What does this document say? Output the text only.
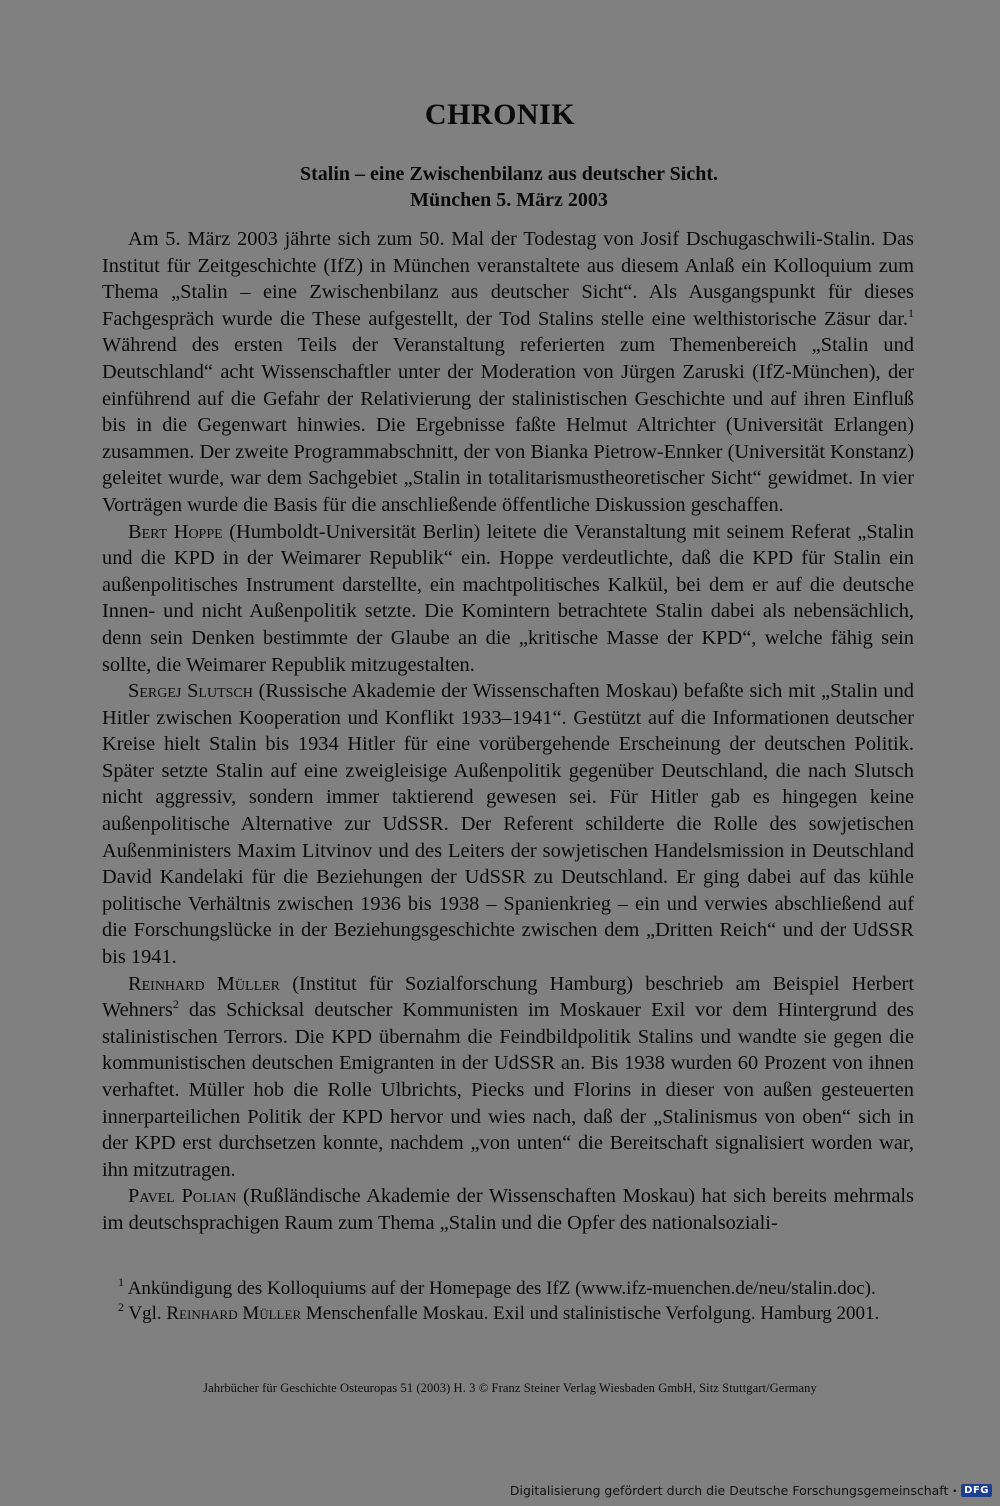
CHRONIK
Stalin – eine Zwischenbilanz aus deutscher Sicht.
München 5. März 2003

Am 5. März 2003 jährte sich zum 50. Mal der Todestag von Josif Dschugaschwili-Stalin. Das Institut für Zeitgeschichte (IfZ) in München veranstaltete aus diesem Anlaß ein Kolloquium zum Thema „Stalin – eine Zwischenbilanz aus deutscher Sicht“. Als Ausgangspunkt für dieses Fachgespräch wurde die These aufgestellt, der Tod Stalins stelle eine welthistorische Zäsur dar.$^1$ Während des ersten Teils der Veranstaltung referierten zum Themenbereich „Stalin und Deutschland“ acht Wissenschaftler unter der Moderation von Jürgen Zaruski (IfZ-München), der einführend auf die Gefahr der Relativierung der stalinistischen Geschichte und auf ihren Einfluß bis in die Gegenwart hinwies. Die Ergebnisse faßte Helmut Altrichter (Universität Erlangen) zusammen. Der zweite Programmabschnitt, der von Bianka Pietrow-Ennker (Universität Konstanz) geleitet wurde, war dem Sachgebiet „Stalin in totalitarismustheoretischer Sicht“ gewidmet. In vier Vorträgen wurde die Basis für die anschließende öffentliche Diskussion geschaffen.

Bert Hoppe (Humboldt-Universität Berlin) leitete die Veranstaltung mit seinem Referat „Stalin und die KPD in der Weimarer Republik“ ein. Hoppe verdeutlichte, daß die KPD für Stalin ein außenpolitisches Instrument darstellte, ein machtpolitisches Kalkül, bei dem er auf die deutsche Innen- und nicht Außenpolitik setzte. Die Komintern betrachtete Stalin dabei als nebensächlich, denn sein Denken bestimmte der Glaube an die „kritische Masse der KPD“, welche fähig sein sollte, die Weimarer Republik mitzugestalten.

Sergej Slutsch (Russische Akademie der Wissenschaften Moskau) befaßte sich mit „Stalin und Hitler zwischen Kooperation und Konflikt 1933–1941“. Gestützt auf die Informationen deutscher Kreise hielt Stalin bis 1934 Hitler für eine vorübergehende Erscheinung der deutschen Politik. Später setzte Stalin auf eine zweigleisige Außenpolitik gegenüber Deutschland, die nach Slutsch nicht aggressiv, sondern immer taktierend gewesen sei. Für Hitler gab es hingegen keine außenpolitische Alternative zur UdSSR. Der Referent schilderte die Rolle des sowjetischen Außenministers Maxim Litvinov und des Leiters der sowjetischen Handelsmission in Deutschland David Kandelaki für die Beziehungen der UdSSR zu Deutschland. Er ging dabei auf das kühle politische Verhältnis zwischen 1936 bis 1938 – Spanienkrieg – ein und verwies abschließend auf die Forschungslücke in der Beziehungsgeschichte zwischen dem „Dritten Reich“ und der UdSSR bis 1941.

Reinhard Müller (Institut für Sozialforschung Hamburg) beschrieb am Beispiel Herbert Wehners$^2$ das Schicksal deutscher Kommunisten im Moskauer Exil vor dem Hintergrund des stalinistischen Terrors. Die KPD übernahm die Feindbildpolitik Stalins und wandte sie gegen die kommunistischen deutschen Emigranten in der UdSSR an. Bis 1938 wurden 60 Prozent von ihnen verhaftet. Müller hob die Rolle Ulbrichts, Piecks und Florins in dieser von außen gesteuerten innerparteilichen Politik der KPD hervor und wies nach, daß der „Stalinismus von oben“ sich in der KPD erst durchsetzen konnte, nachdem „von unten“ die Bereitschaft signalisiert worden war, ihn mitzutragen.

Pavel Polian (Rußländische Akademie der Wissenschaften Moskau) hat sich bereits mehrmals im deutschsprachigen Raum zum Thema „Stalin und die Opfer des nationalsoziali-

$^1$ Ankündigung des Kolloquiums auf der Homepage des IfZ (www.ifz-muenchen.de/neu/stalin.doc).

$^2$ Vgl. Reinhard Müller Menschenfalle Moskau. Exil und stalinistische Verfolgung. Hamburg 2001.

Jahrbücher für Geschichte Osteuropas 51 (2003) H. 3 © Franz Steiner Verlag Wiesbaden GmbH, Sitz Stuttgart/Germany
Digitalisierung gefördert durch die Deutsche Forschungsgemeinschaft · DFG
